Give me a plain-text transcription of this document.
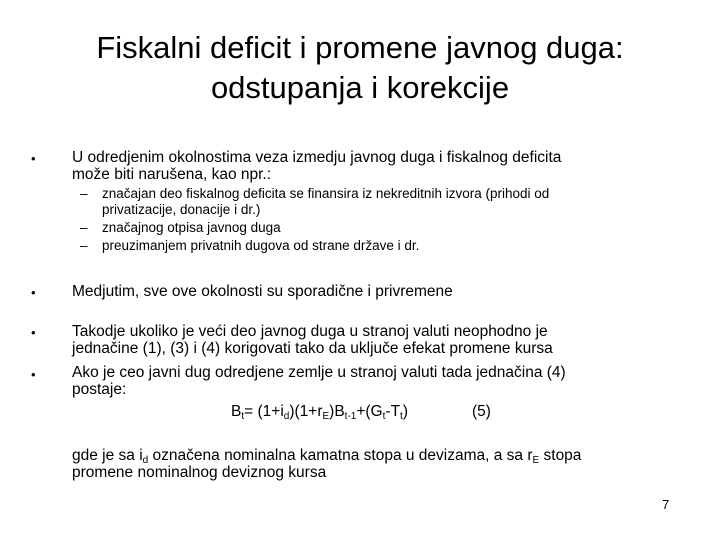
Fiskalni deficit i promene javnog duga:
odstupanja i korekcije
• U odredjenim okolnostima veza izmedju javnog duga i fiskalnog deficita
može biti narušena, kao npr.:
– značajan deo fiskalnog deficita se finansira iz nekreditnih izvora (prihodi od
privatizacije, donacije i dr.)
– značajnog otpisa javnog duga
– preuzimanjem privatnih dugova od strane države i dr.
• Medjutim, sve ove okolnosti su sporadične i privremene
• Takodje ukoliko je veći deo javnog duga u stranoj valuti neophodno je
jednačine (1), (3) i (4) korigovati tako da uključe efekat promene kursa
• Ako je ceo javni dug odredjene zemlje u stranoj valuti tada jednačina (4)
postaje:
$B_t= (1+i_d)(1+r_E)B_{t-1}+(G_t-T_t)$	(5)
gde je sa $i_d$ označena nominalna kamatna stopa u devizama, a sa $r_E$ stopa
promene nominalnog deviznog kursa
7
